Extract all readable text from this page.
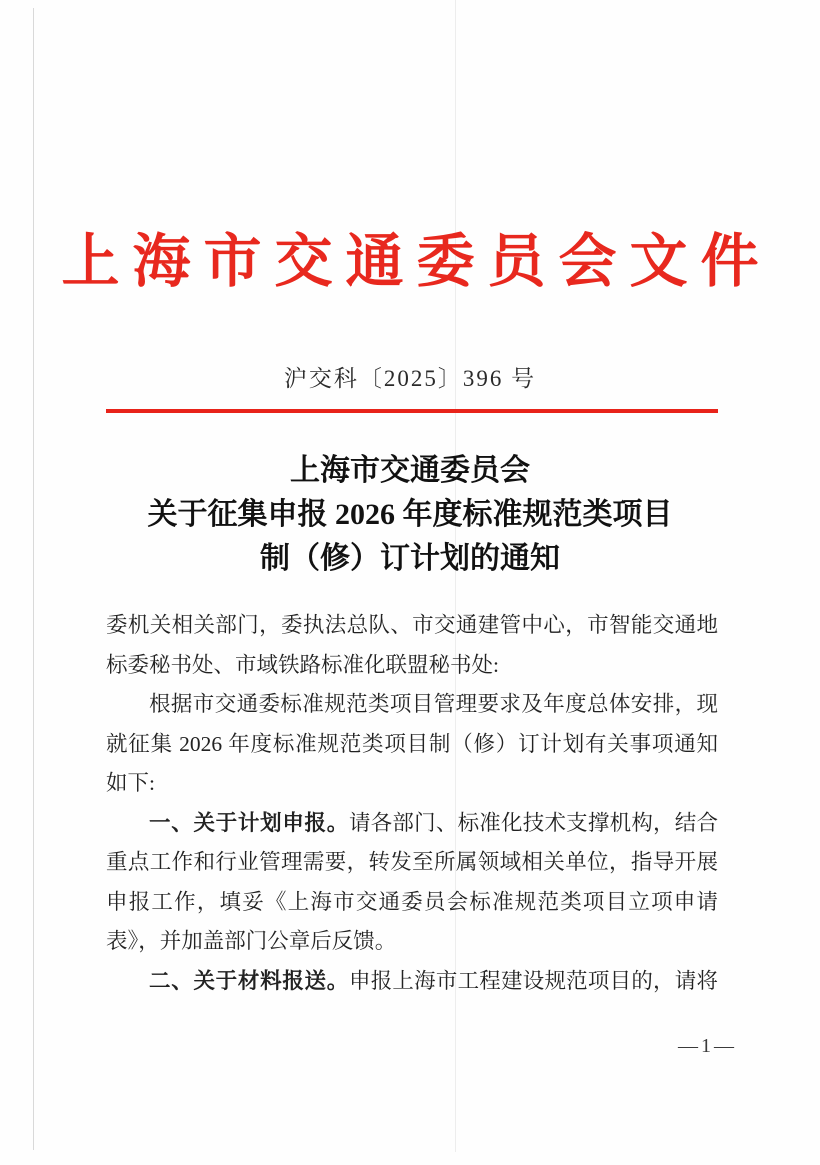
上海市交通委员会文件
沪交科〔2025〕396 号
上海市交通委员会
关于征集申报 2026 年度标准规范类项目
制（修）订计划的通知
委机关相关部门，委执法总队、市交通建管中心，市智能交通地
标委秘书处、市域铁路标准化联盟秘书处:
根据市交通委标准规范类项目管理要求及年度总体安排，现
就征集 2026 年度标准规范类项目制（修）订计划有关事项通知
如下:
一、关于计划申报。请各部门、标准化技术支撑机构，结合
重点工作和行业管理需要，转发至所属领域相关单位，指导开展
申报工作，填妥《上海市交通委员会标准规范类项目立项申请
表》，并加盖部门公章后反馈。
二、关于材料报送。申报上海市工程建设规范项目的，请将
—1—
